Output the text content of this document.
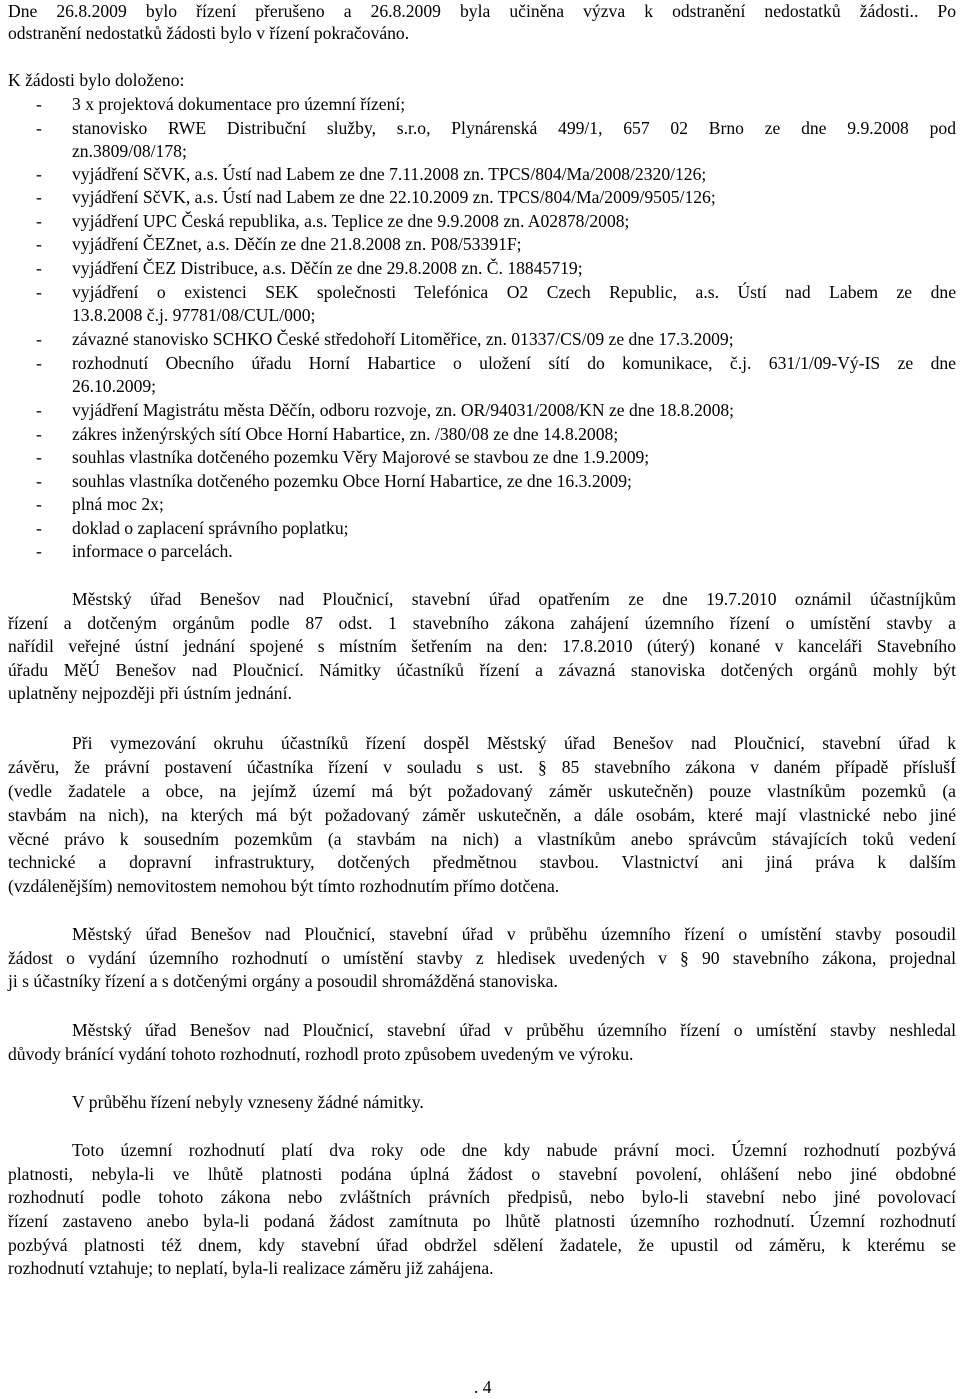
Dne 26.8.2009 bylo řízení přerušeno a 26.8.2009 byla učiněna výzva k odstranění nedostatků žádosti.. Po
odstranění nedostatků žádosti bylo v řízení pokračováno.
K žádosti bylo doloženo:
- 3 x projektová dokumentace pro územní řízení;
- stanovisko RWE Distribuční služby, s.r.o, Plynárenská 499/1, 657 02 Brno ze dne 9.9.2008 pod
zn.3809/08/178;
- vyjádření SčVK, a.s. Ústí nad Labem ze dne 7.11.2008 zn. TPCS/804/Ma/2008/2320/126;
- vyjádření SčVK, a.s. Ústí nad Labem ze dne 22.10.2009 zn. TPCS/804/Ma/2009/9505/126;
- vyjádření UPC Česká republika, a.s. Teplice ze dne 9.9.2008 zn. A02878/2008;
- vyjádření ČEZnet, a.s. Děčín ze dne 21.8.2008 zn. P08/53391F;
- vyjádření ČEZ Distribuce, a.s. Děčín ze dne 29.8.2008 zn. Č. 18845719;
- vyjádření o existenci SEK společnosti Telefónica O2 Czech Republic, a.s. Ústí nad Labem ze dne
13.8.2008 č.j. 97781/08/CUL/000;
- závazné stanovisko SCHKO České středohoří Litoměřice, zn. 01337/CS/09 ze dne 17.3.2009;
- rozhodnutí Obecního úřadu Horní Habartice o uložení sítí do komunikace, č.j. 631/1/09-Vý-IS ze dne
26.10.2009;
- vyjádření Magistrátu města Děčín, odboru rozvoje, zn. OR/94031/2008/KN ze dne 18.8.2008;
- zákres inženýrských sítí Obce Horní Habartice, zn. /380/08 ze dne 14.8.2008;
- souhlas vlastníka dotčeného pozemku Věry Majorové se stavbou ze dne 1.9.2009;
- souhlas vlastníka dotčeného pozemku Obce Horní Habartice, ze dne 16.3.2009;
- plná moc 2x;
- doklad o zaplacení správního poplatku;
- informace o parcelách.
Městský úřad Benešov nad Ploučnicí, stavební úřad opatřením ze dne 19.7.2010 oznámil účastníjkům
řízení a dotčeným orgánům podle 87 odst. 1 stavebního zákona zahájení územního řízení o umístění stavby a
nařídil veřejné ústní jednání spojené s místním šetřením na den: 17.8.2010 (úterý) konané v kanceláři Stavebního
úřadu MěÚ Benešov nad Ploučnicí. Námitky účastníků řízení a závazná stanoviska dotčených orgánů mohly být
uplatněny nejpozději při ústním jednání.
Při vymezování okruhu účastníků řízení dospěl Městský úřad Benešov nad Ploučnicí, stavební úřad k
závěru, že právní postavení účastníka řízení v souladu s ust. § 85 stavebního zákona v daném případě příslušÍ
(vedle žadatele a obce, na jejímž území má být požadovaný záměr uskutečněn) pouze vlastníkům pozemků (a
stavbám na nich), na kterých má být požadovaný záměr uskutečněn, a dále osobám, které mají vlastnické nebo jiné
věcné právo k sousedním pozemkům (a stavbám na nich) a vlastníkům anebo správcům stávajících toků vedení
technické a dopravní infrastruktury, dotčených předmětnou stavbou. Vlastnictví ani jiná práva k dalším
(vzdálenějším) nemovitostem nemohou být tímto rozhodnutím přímo dotčena.
Městský úřad Benešov nad Ploučnicí, stavební úřad v průběhu územního řízení o umístění stavby posoudil
žádost o vydání územního rozhodnutí o umístění stavby z hledisek uvedených v § 90 stavebního zákona, projednal
ji s účastníky řízení a s dotčenými orgány a posoudil shromážděná stanoviska.
Městský úřad Benešov nad Ploučnicí, stavební úřad v průběhu územního řízení o umístění stavby neshledal
důvody bránící vydání tohoto rozhodnutí, rozhodl proto způsobem uvedeným ve výroku.
V průběhu řízení nebyly vzneseny žádné námitky.
Toto územní rozhodnutí platí dva roky ode dne kdy nabude právní moci. Územní rozhodnutí pozbývá
platnosti, nebyla-li ve lhůtě platnosti podána úplná žádost o stavební povolení, ohlášení nebo jiné obdobné
rozhodnutí podle tohoto zákona nebo zvláštních právních předpisů, nebo bylo-li stavební nebo jiné povolovací
řízení zastaveno anebo byla-li podaná žádost zamítnuta po lhůtě platnosti územního rozhodnutí. Územní rozhodnutí
pozbývá platnosti též dnem, kdy stavební úřad obdržel sdělení žadatele, že upustil od záměru, k kterému se
rozhodnutí vztahuje; to neplatí, byla-li realizace záměru již zahájena.
. 4
